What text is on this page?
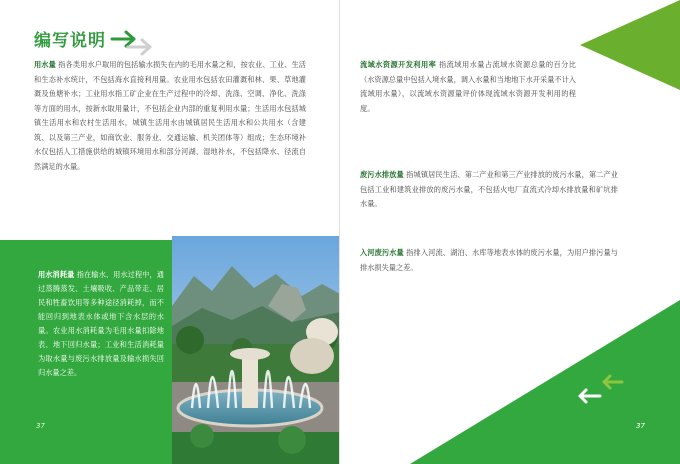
编写说明

用水量 指各类用水户取用的包括输水损失在内的毛用水量之和，按农业、工业、生活和生态补水统计，不包括海水直接利用量。农业用水包括农田灌溉和林、果、草地灌溉及鱼塘补水；工业用水指工矿企业在生产过程中的冷却、洗涤、空调、净化、洗涤等方面的用水，按新水取用量计，不包括企业内部的重复利用水量；生活用水包括城镇生活用水和农村生活用水，城镇生活用水由城镇居民生活用水和公共用水（含建筑、以及第三产业，如商饮业、服务业、交通运输、机关团体等）组成；生态环境补水仅包括人工措施供给的城镇环境用水和部分河湖、湿地补水，不包括降水、径流自然满足的水量。

用水消耗量 指在输水、用水过程中，通过蒸腾蒸发、土壤吸收、产品带走、居民和牲畜饮用等多种途径消耗掉，而不能回归到地表水体或地下含水层的水量。农业用水消耗量为毛用水量扣除地表、地下回归水量；工业和生活消耗量为取水量与废污水排放量及输水损失回归水量之差。

37

流域水资源开发利用率 指流域用水量占流域水资源总量的百分比（水资源总量中包括入境水量，调入水量和当地地下水开采量不计入流域用水量），以流域水资源量评价体现流域水资源开发利用的程度。

废污水排放量 指城镇居民生活、第二产业和第三产业排放的废污水量，第二产业包括工业和建筑业排放的废污水量，不包括火电厂直流式冷却水排放量和矿坑排水量。

入河废污水量 指排入河流、湖泊、水库等地表水体的废污水量，为用户排污量与排水损失量之差。

37
